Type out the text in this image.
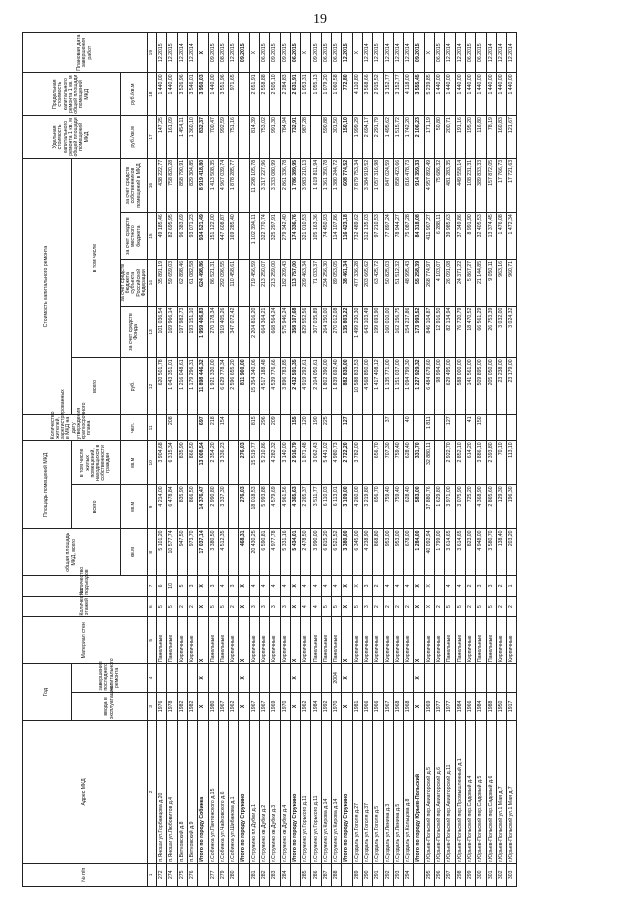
19
№ п/п	Адрес МКД	Год		Материал стен	Количество этажей	Количество подъездов	общая площадь МКД, всего	Площадь помещений МКД		Количество жителей, зарегистрированных в МКД на дату утверждения краткосрочного плана	Стоимость капитального ремонта					Удельная стоимость капитального ремонта 1 кв. м общей площади помещений МКД	Предельная стоимость капитального ремонта 1 кв. м общей площади помещений МКД	Плановая дата завершения работ
		ввода в эксплуатацию	завершение последнего капитального ремонта					всего	в том числе жилых помещений, находящихся в собственности граждан		всего	в том числе						
							кв.м	кв.м	кв.м	чел.	руб.	за счет средств Фонда	за счет средств бюджета субъекта Российской Федерации	за счет средств местного бюджета	за счет средств собственников помещений в МКД	руб./кв.м	руб./кв.м	
1	2	3	4	5	6	7	8	9	10	11	12	13	14	15	16	17	18	19
272	п.Яноши ул.Горбанцова д.20	1976		Панельные	5	6	5 101,20	4 214,00	3 904,68		620 501,78	101 036,54	35 891,19	49 185,46	438 222,77	147,25	1 440,00	12.2015
274	п.Яноши ул.Любовитов д.4	1978		Панельные	5	10	10 577,74	6 478,84	6 315,34	208	1 043 351,01	169 966,14	59 659,03	82 695,95	758 820,28	161,09	1 440,00	12.2015
275	п.Ветковский д.8	1982		Кирпичные	2	5	947,50	835,90	835,90		1 216 048,61	197 982,73	62 898,46	96 383,69	858 790,91	1 454,11	3 526,96	12.2014
276	п.Ветковский д.9	1982		Кирпичные	2	3	973,70	866,50	866,50		1 179 296,31	193 151,10	61 082,58	93 071,23	829 304,85	1 360,10	3 546,01	12.2014
	Итого по городу Собинка	X	X	X	X	X	17 037,14	14 376,47	13 008,54	697	11 898 446,32	1 959 406,83	624 498,86	934 521,49	8 919 418,80	832,37	3 950,03	X
277	г.Собинка ул.Пачтенского д.15	1980		Панельные	5	3	3 380,50	2 990,80	2 354,20	218	1 921 330,00	270 178,34	86 521,31	151 122,00	1 413 508,35	700,47	1 440,00	09.2015
279	г.Собинка ул.Чайковского д.6	1967		Панельные	5	4	4 512,35	3 337,30	3 336,23	154	6 629 778,34	919 405,26	292 096,55	447 608,87	4 967 039,74	992,59	3 551,96	08.2015
280	г.Собинка ул.Шибанова д.1	1962		Кирпичные	2	3					2 596 655,20	347 072,42	110 458,61	169 285,40	1 878 285,77	751,16	971,65	12.2015
	Итого по городу Струнино	X	X	X	X	X	468,31	276,03	276,03		811 900,00							09.2015
281	г.Струнино пл.Дубки д.1	1967		Кирпичные	3	4	20 430,25	18 018,53	15 519,77	815	15 354 340,06	2 204 816,20	719 456,59	1 102 394,11	11 298 105,78	814,39	2 651,91	X
282	г.Струнино кв.Дубки д.2	1967		Кирпичные	3	4	6 590,81	5 993,88	5 210,86	296	4 517 188,48	664 364,21	213 250,07	322 770,74	3 317 227,96	753,02	2 558,88	06.2015
283	г.Струнино кв.Дубки д.3	1969		Кирпичные	3	4	4 977,78	4 579,69	4 282,32	209	4 539 776,66	668 564,24	213 259,00	325 297,91	3 333 080,99	991,30	2 505,10	09.2015
284	г.Струнино кв.Дубки д.4	1970		Кирпичные	3	4	5 331,16	4 961,56	3 140,00		3 896 783,85	575 946,24	182 209,43	279 342,40	2 861 336,78	784,94	2 284,83	09.2015
	Итого по городу Струнино	X	X	X	X	X	5 434,01	4 365,63	2 916,79	155	2 432 591,35	358 107,68	113 757,00	174 336,76	1 786 389,95	732,91	2 631,91	06.2015
285	г.Струнино ул.Горького д.11	1962		Кирпичные	4	4	2 478,50	2 265,37	1 871,48	120	4 919 292,61	829 552,56	209 463,34	321 010,53	3 983 210,13	987,28	1 053,31	X
286	г.Струнино ул.Горького д.11	1984		Панельные	4	4	3 990,00	3 511,77	3 062,43	190	2 104 050,61	307 035,89	71 033,37	105 163,36	1 619 811,94		1 055,13	09.2015
287	г.Струнино ул.Кирова д.14	1992		Панельные	5	4	6 815,20	6 110,03	5 441,02	225	1 802 390,00	264 150,00	234 256,30	74 450,93	1 361 350,78	590,88	1 079,20	06.2015
288	г.Струнино ул.Кирова д.14	1970	2004	Панельные	5	4	6 521,52	6 113,01	4 980,73		1 839 692,40	270 012,08	89 053,05	114 107,86	1 380 244,72	301,50	1 060,58	06.2015
	Итого по городу Струнино	X	X	X	X	X	3 380,00	3 109,00	2 722,20	127	882 835,00	135 803,22	38 461,34	116 423,18	608 774,52	150,10	772,80	12.2015
289	г.Суздаль ул.Гоголя д.27	1981		Кирпичные	5	X	6 345,00	4 260,00	3 782,00		10 588 833,53	1 499 230,30	477 336,28	732 489,62	7 879 753,34	1 999,29	4 110,80	X
290	г.Суздаль ул.Гоголя д.37	1966		Кирпичные	3	3	4 238,90	3 219,80			4 568 850,00	643 103,49	203 665,62	312 135,03	3 384 919,52	2 694,17	3 568,66	12.2014
291	г.Суздаль ул.Гоголя д.5	1966		Кирпичные	2	2	868,80	656,70	656,70		1 417 408,12	199 693,90	63 425,72	97 210,53	1 057 316,98	2 291,79	2 915,52	12.2015
292	г.Суздаль ул.Ленина д.3	1967		Кирпичные	2	4	953,00	759,40	707,30	37	1 135 771,00	160 010,00	50 825,03	77 897,24	847 024,59	1 495,62	3 152,77	12.2014
293	г.Суздаль ул.Ленина д.5	1968		Кирпичные	2	4	953,00	759,40	759,40		1 151 037,00	162 156,75	51 512,32	78 944,27	858 423,66	1 515,72	3 152,77	12.2014
294	г.Суздаль ул.Кольцова д.8	1968		Кирпичные	2	4	678,00	628,40	628,40	40	1 094 799,30	154 237,86	48 995,43	75 087,28	816 478,73	1 742,20	4 118,00	12.2014
	Итого по городу Юрьев-Польский	X	X	X	X	X	1 284,00	583,00	331,70		1 227 929,32	173 993,52	55 258,39	84 318,08	914 359,33	2 106,23	3 555,45	09.2015
295	г.Юрьев-Польский пер.Авиаторский д.5	1969		Кирпичные	X	X	40 092,94	37 880,76	32 880,11	1 811	6 484 679,60	846 104,87	268 774,97	411 907,27	4 957 892,49	171,19	5 239,85	X
296	г.Юрьев-Польский пер.Авиаторский д.6	1977		Кирпичные	2		1 799,00	1 629,80			98 994,00	12 916,50	4 103,07	6 288,11	75 686,32	50,80	1 440,00	06.2015
297	г.Юрьев-Польский пер.Авиаторский д.11	1977		Панельные	5	4	3 614,65	3 971,00	2 922,70	127	629 495,00	82 134,94	26 091,08	39 985,63	481 283,35	200,71	1 440,00	12.2014
298	г.Юрьев-Польский пер.Промышленный д.1	1984		Панельные	5	4	3 614,65	3 075,90	2 852,10		588 000,00	76 720,79	24 371,22	37 349,86	449 558,14	191,16	1 440,00	12.2014
299	г.Юрьев-Польский пер.Садовый д.4	1966		Кирпичные	2	2	823,00	725,20	614,20	41	141 561,00	18 470,52	5 867,27	8 991,90	108 231,31	195,20	1 440,00	06.2015
300	г.Юрьев-Польский пер.Садовый д.5	1984		Панельные	5	3	4 948,00	4 368,90	3 886,10	150	509 895,00	66 561,29	21 144,85	32 405,53	389 833,33	116,80	1 440,00	06.2015
301	г.Юрьев-Польский пер.Садовый д.6	1988		Панельные	5	3	3 580,70	2 865,60	2 393,80		205 050,00	26 753,39	9 050,11	13 374,45	157 872,05	78,19	1 440,00	12.2014
302	г.Юрьев-Польский ул.1 Мая д.7	1950		Кирпичные	2	2	138,40	129,30	70,10		23 238,00	3 032,00	963,16	1 476,08	17 766,73	160,83	1 440,00	12.2014
303	г.Юрьев-Польский ул.1 Мая д.7	1917		Кирпичные	2	1	203,20	196,30	113,10		23 179,00	3 024,32	960,71	1 472,34	17 721,63	121,67	1 440,00	12.2014
